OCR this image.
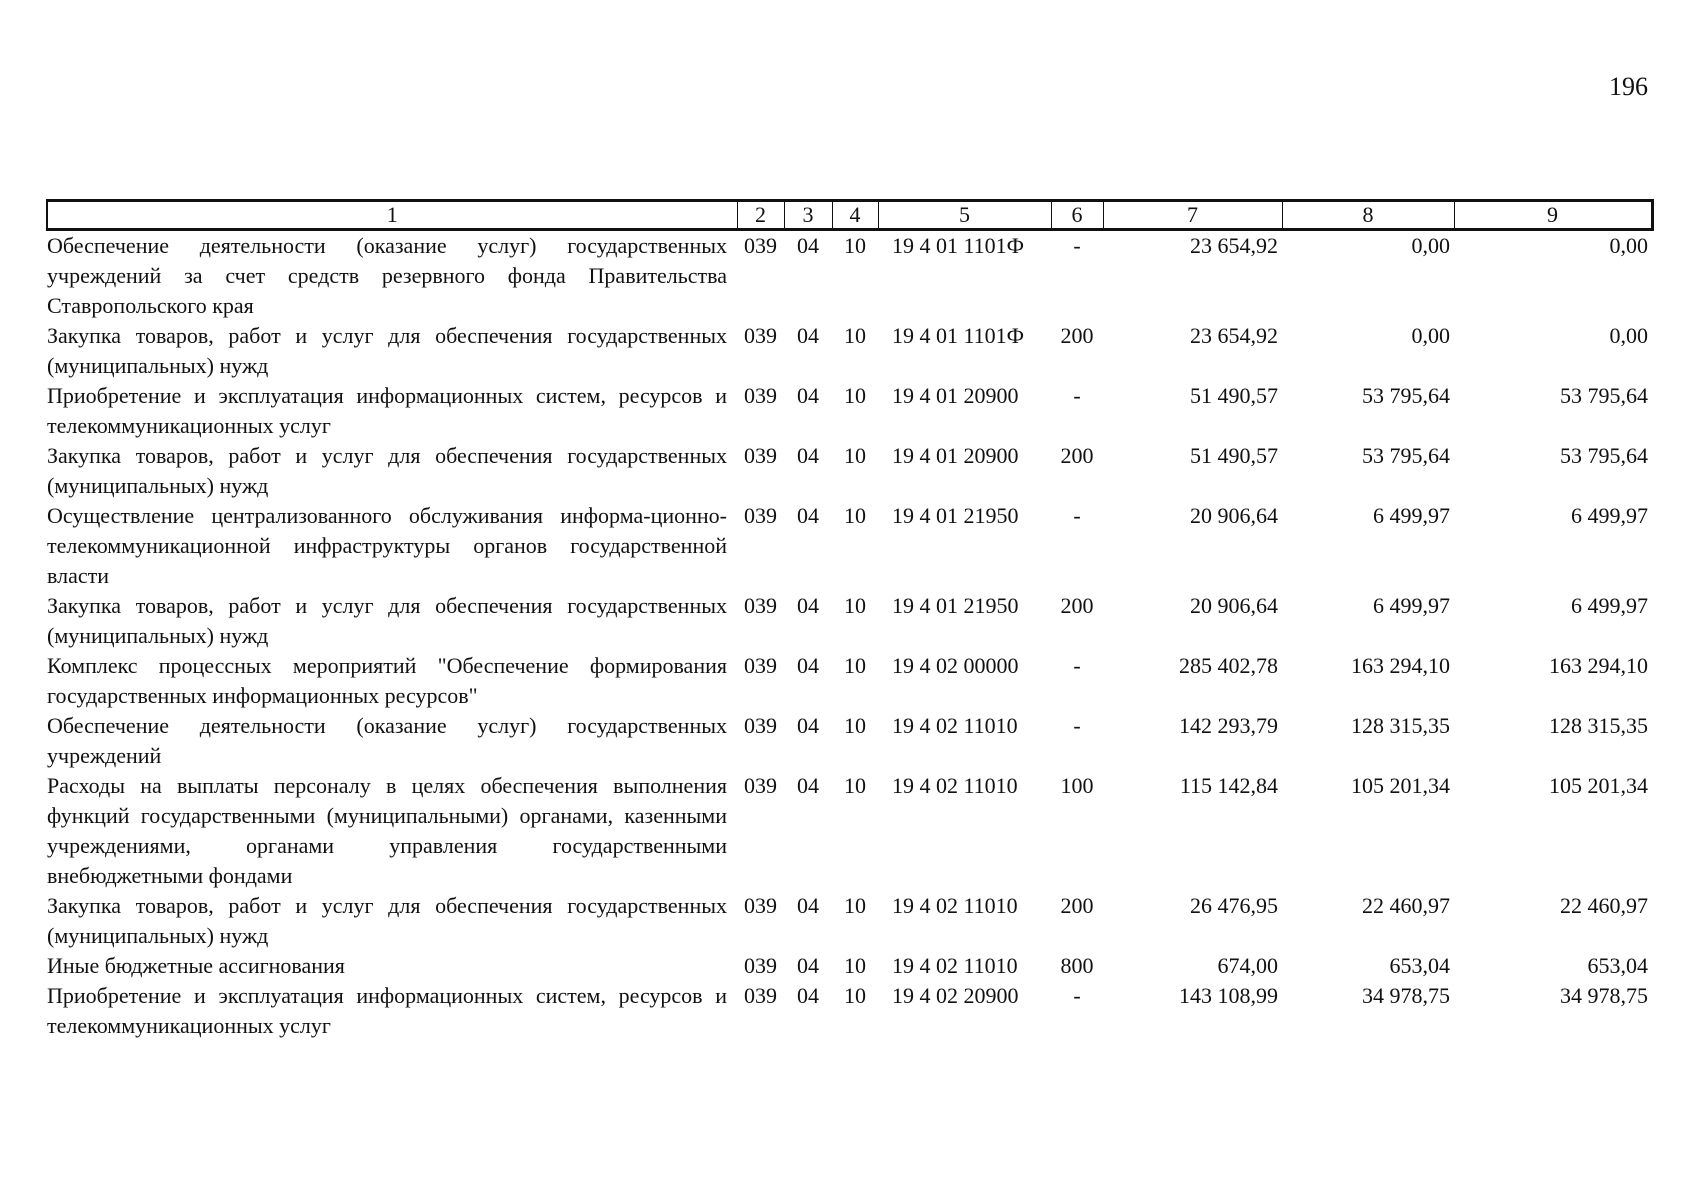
196
1	2	3	4	5	6	7	8	9
Обеспечение деятельности (оказание услуг) государственных учреждений за счет средств резервного фонда Правительства Ставропольского края	039	04	10	19 4 01 1101Ф	-	23 654,92	0,00	0,00
Закупка товаров, работ и услуг для обеспечения государственных (муниципальных) нужд	039	04	10	19 4 01 1101Ф	200	23 654,92	0,00	0,00
Приобретение и эксплуатация информационных систем, ресурсов и телекоммуникационных услуг	039	04	10	19 4 01 20900	-	51 490,57	53 795,64	53 795,64
Закупка товаров, работ и услуг для обеспечения государственных (муниципальных) нужд	039	04	10	19 4 01 20900	200	51 490,57	53 795,64	53 795,64
Осуществление централизованного обслуживания информа-ционно-телекоммуникационной инфраструктуры органов государственной власти	039	04	10	19 4 01 21950	-	20 906,64	6 499,97	6 499,97
Закупка товаров, работ и услуг для обеспечения государственных (муниципальных) нужд	039	04	10	19 4 01 21950	200	20 906,64	6 499,97	6 499,97
Комплекс процессных мероприятий "Обеспечение формирования государственных информационных ресурсов"	039	04	10	19 4 02 00000	-	285 402,78	163 294,10	163 294,10
Обеспечение деятельности (оказание услуг) государственных учреждений	039	04	10	19 4 02 11010	-	142 293,79	128 315,35	128 315,35
Расходы на выплаты персоналу в целях обеспечения выполнения функций государственными (муниципальными) органами, казенными учреждениями, органами управления государственными внебюджетными фондами	039	04	10	19 4 02 11010	100	115 142,84	105 201,34	105 201,34
Закупка товаров, работ и услуг для обеспечения государственных (муниципальных) нужд	039	04	10	19 4 02 11010	200	26 476,95	22 460,97	22 460,97
Иные бюджетные ассигнования	039	04	10	19 4 02 11010	800	674,00	653,04	653,04
Приобретение и эксплуатация информационных систем, ресурсов и телекоммуникационных услуг	039	04	10	19 4 02 20900	-	143 108,99	34 978,75	34 978,75
